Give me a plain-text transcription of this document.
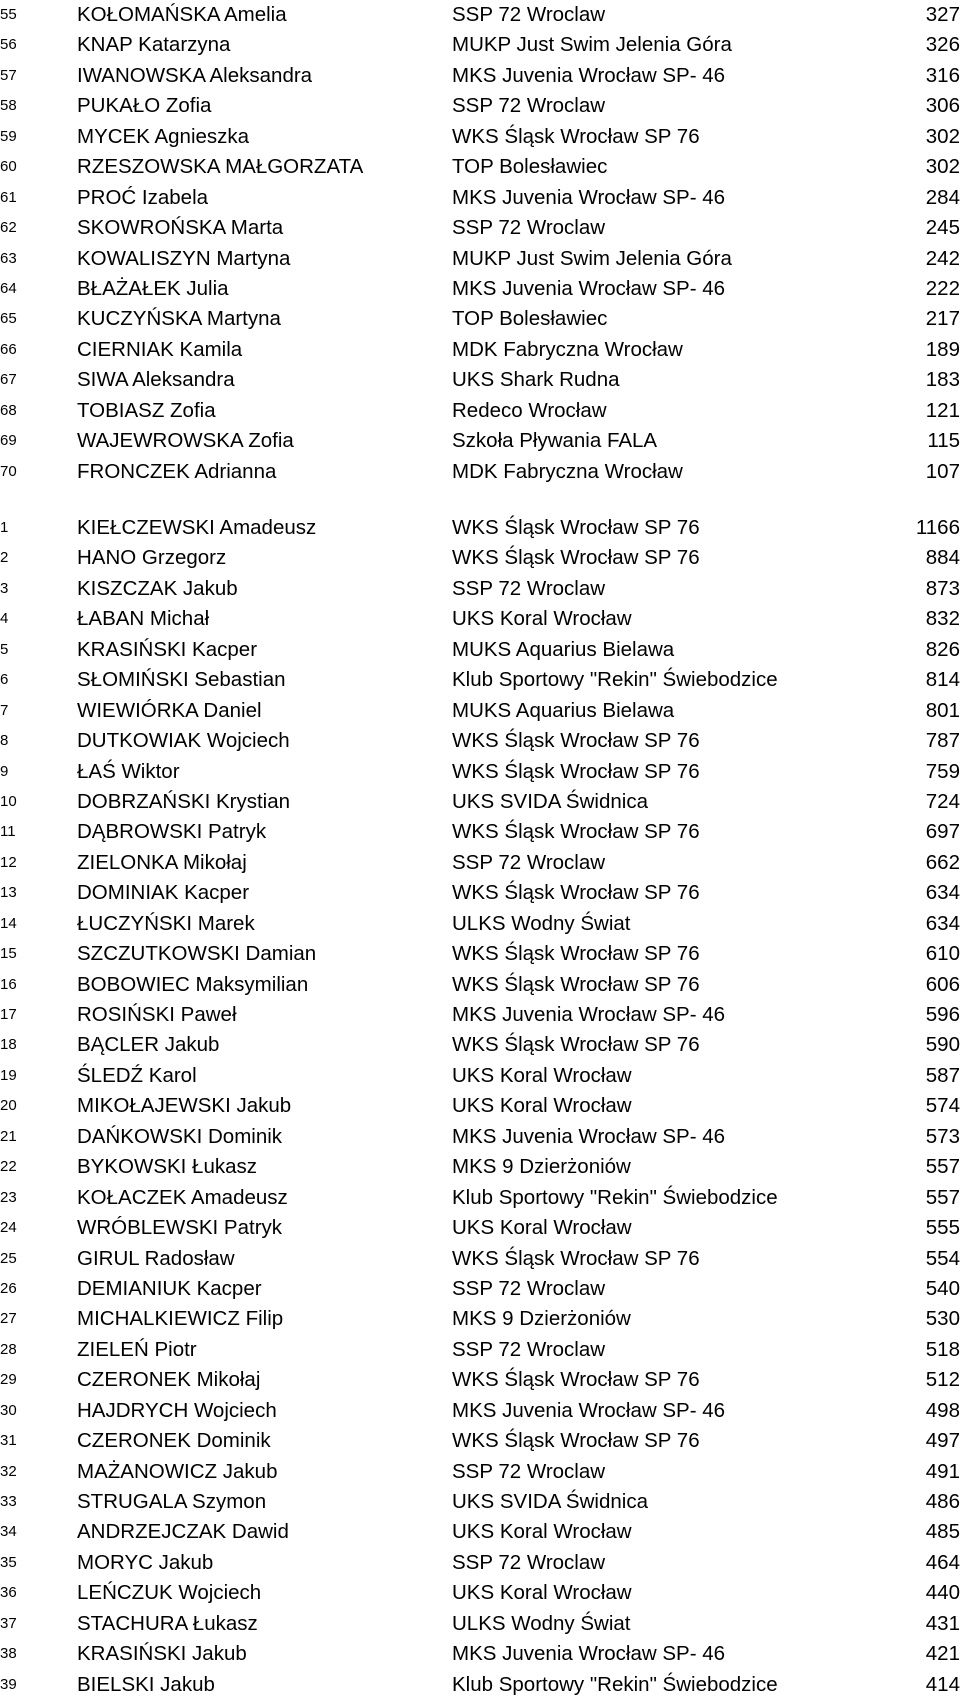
55	KOŁOMAŃSKA Amelia	SSP 72 Wroclaw	327
56	KNAP Katarzyna	MUKP Just Swim Jelenia Góra	326
57	IWANOWSKA Aleksandra	MKS Juvenia Wrocław SP- 46	316
58	PUKAŁO Zofia	SSP 72 Wroclaw	306
59	MYCEK Agnieszka	WKS Śląsk Wrocław SP 76	302
60	RZESZOWSKA MAŁGORZATA	TOP Bolesławiec	302
61	PROĆ Izabela	MKS Juvenia Wrocław SP- 46	284
62	SKOWROŃSKA Marta	SSP 72 Wroclaw	245
63	KOWALISZYN Martyna	MUKP Just Swim Jelenia Góra	242
64	BŁAŻAŁEK Julia	MKS Juvenia Wrocław SP- 46	222
65	KUCZYŃSKA Martyna	TOP Bolesławiec	217
66	CIERNIAK Kamila	MDK Fabryczna Wrocław	189
67	SIWA Aleksandra	UKS Shark Rudna	183
68	TOBIASZ Zofia	Redeco Wrocław	121
69	WAJEWROWSKA Zofia	Szkoła Pływania FALA	115
70	FRONCZEK Adrianna	MDK Fabryczna Wrocław	107
1	KIEŁCZEWSKI Amadeusz	WKS Śląsk Wrocław SP 76	1166
2	HANO Grzegorz	WKS Śląsk Wrocław SP 76	884
3	KISZCZAK Jakub	SSP 72 Wroclaw	873
4	ŁABAN Michał	UKS Koral Wrocław	832
5	KRASIŃSKI Kacper	MUKS Aquarius Bielawa	826
6	SŁOMIŃSKI Sebastian	Klub Sportowy "Rekin" Świebodzice	814
7	WIEWIÓRKA Daniel	MUKS Aquarius Bielawa	801
8	DUTKOWIAK Wojciech	WKS Śląsk Wrocław SP 76	787
9	ŁAŚ Wiktor	WKS Śląsk Wrocław SP 76	759
10	DOBRZAŃSKI Krystian	UKS SVIDA Świdnica	724
11	DĄBROWSKI Patryk	WKS Śląsk Wrocław SP 76	697
12	ZIELONKA Mikołaj	SSP 72 Wroclaw	662
13	DOMINIAK Kacper	WKS Śląsk Wrocław SP 76	634
14	ŁUCZYŃSKI Marek	ULKS Wodny Świat	634
15	SZCZUTKOWSKI Damian	WKS Śląsk Wrocław SP 76	610
16	BOBOWIEC Maksymilian	WKS Śląsk Wrocław SP 76	606
17	ROSIŃSKI Paweł	MKS Juvenia Wrocław SP- 46	596
18	BĄCLER Jakub	WKS Śląsk Wrocław SP 76	590
19	ŚLEDŹ Karol	UKS Koral Wrocław	587
20	MIKOŁAJEWSKI Jakub	UKS Koral Wrocław	574
21	DAŃKOWSKI Dominik	MKS Juvenia Wrocław SP- 46	573
22	BYKOWSKI Łukasz	MKS 9 Dzierżoniów	557
23	KOŁACZEK Amadeusz	Klub Sportowy "Rekin" Świebodzice	557
24	WRÓBLEWSKI Patryk	UKS Koral Wrocław	555
25	GIRUL Radosław	WKS Śląsk Wrocław SP 76	554
26	DEMIANIUK Kacper	SSP 72 Wroclaw	540
27	MICHALKIEWICZ Filip	MKS 9 Dzierżoniów	530
28	ZIELEŃ Piotr	SSP 72 Wroclaw	518
29	CZERONEK Mikołaj	WKS Śląsk Wrocław SP 76	512
30	HAJDRYCH Wojciech	MKS Juvenia Wrocław SP- 46	498
31	CZERONEK Dominik	WKS Śląsk Wrocław SP 76	497
32	MAŻANOWICZ Jakub	SSP 72 Wroclaw	491
33	STRUGALA Szymon	UKS SVIDA Świdnica	486
34	ANDRZEJCZAK Dawid	UKS Koral Wrocław	485
35	MORYC Jakub	SSP 72 Wroclaw	464
36	LEŃCZUK Wojciech	UKS Koral Wrocław	440
37	STACHURA Łukasz	ULKS Wodny Świat	431
38	KRASIŃSKI Jakub	MKS Juvenia Wrocław SP- 46	421
39	BIELSKI Jakub	Klub Sportowy "Rekin" Świebodzice	414
